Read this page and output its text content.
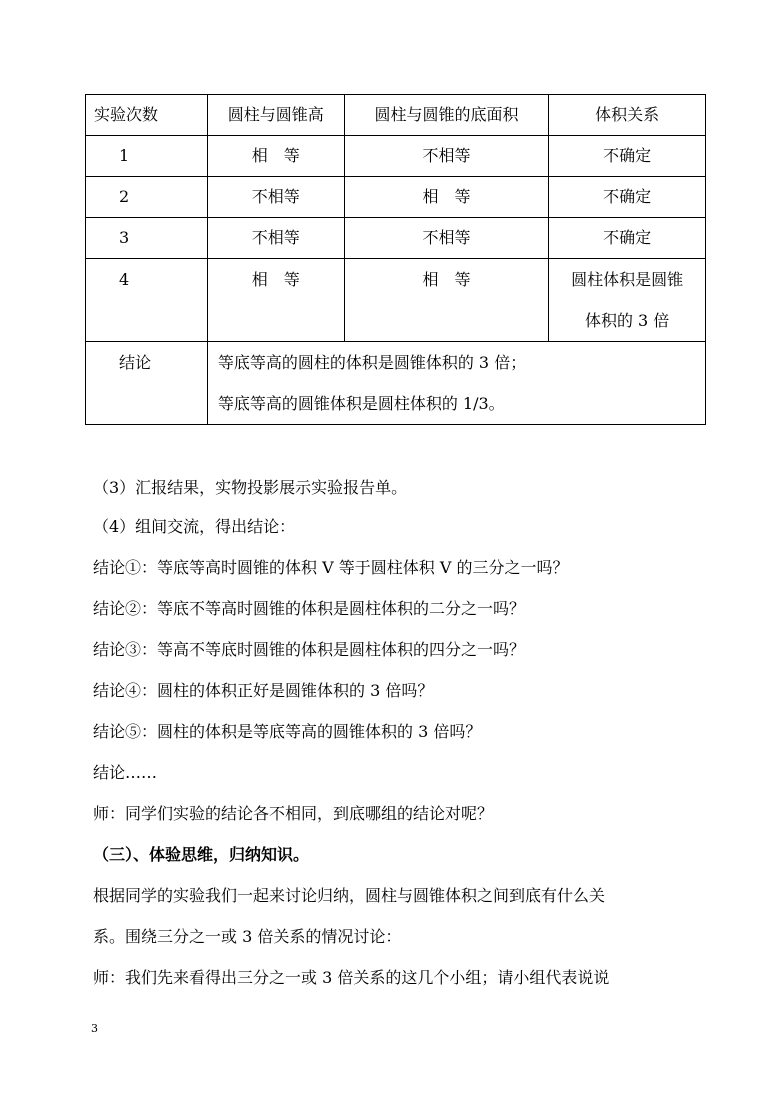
实验次数	圆柱与圆锥高	圆柱与圆锥的底面积	体积关系
1	相　等	不相等	不确定
2	不相等	相　等	不确定
3	不相等	不相等	不确定
4	相　等	相　等	圆柱体积是圆锥
体积的 3 倍

结论	等底等高的圆柱的体积是圆锥体积的 3 倍；
等底等高的圆锥体积是圆柱体积的 1/3。		
（3）汇报结果，实物投影展示实验报告单。
（4）组间交流，得出结论：
结论①：等底等高时圆锥的体积 V 等于圆柱体积 V 的三分之一吗？
结论②：等底不等高时圆锥的体积是圆柱体积的二分之一吗？
结论③：等高不等底时圆锥的体积是圆柱体积的四分之一吗？
结论④：圆柱的体积正好是圆锥体积的 3 倍吗？
结论⑤：圆柱的体积是等底等高的圆锥体积的 3 倍吗？
结论……
师：同学们实验的结论各不相同，到底哪组的结论对呢？
（三）、体验思维，归纳知识。
根据同学的实验我们一起来讨论归纳，圆柱与圆锥体积之间到底有什么关
系。围绕三分之一或 3 倍关系的情况讨论：
师：我们先来看得出三分之一或 3 倍关系的这几个小组；请小组代表说说
3
